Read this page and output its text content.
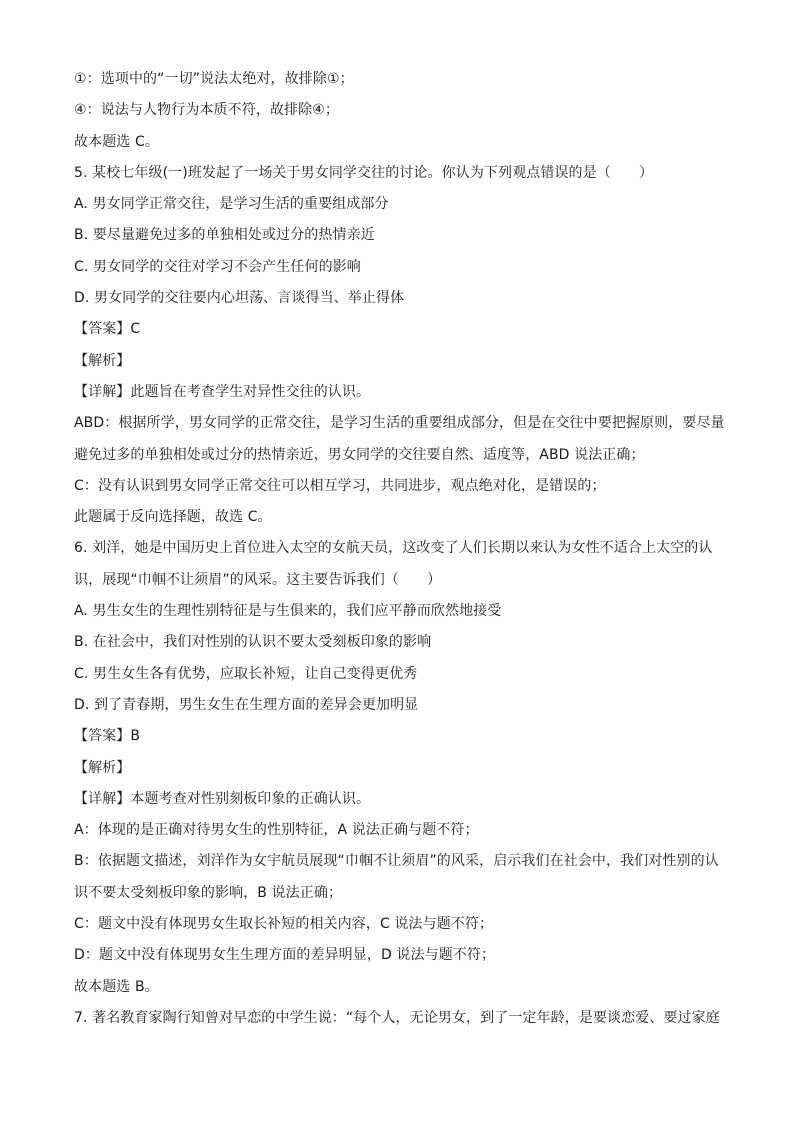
①：选项中的“一切”说法太绝对，故排除①；
④：说法与人物行为本质不符，故排除④；
故本题选 C。
5. 某校七年级(一)班发起了一场关于男女同学交往的讨论。你认为下列观点错误的是（　　）
A. 男女同学正常交往，是学习生活的重要组成部分
B. 要尽量避免过多的单独相处或过分的热情亲近
C. 男女同学的交往对学习不会产生任何的影响
D. 男女同学的交往要内心坦荡、言谈得当、举止得体
【答案】C
【解析】
【详解】此题旨在考查学生对异性交往的认识。
ABD：根据所学，男女同学的正常交往，是学习生活的重要组成部分，但是在交往中要把握原则，要尽量
避免过多的单独相处或过分的热情亲近，男女同学的交往要自然、适度等，ABD 说法正确；
C：没有认识到男女同学正常交往可以相互学习，共同进步，观点绝对化，是错误的；
此题属于反向选择题，故选 C。
6. 刘洋，她是中国历史上首位进入太空的女航天员，这改变了人们长期以来认为女性不适合上太空的认
识，展现“巾帼不让须眉”的风采。这主要告诉我们（　　）
A. 男生女生的生理性别特征是与生俱来的，我们应平静而欣然地接受
B. 在社会中，我们对性别的认识不要太受刻板印象的影响
C. 男生女生各有优势，应取长补短，让自己变得更优秀
D. 到了青春期，男生女生在生理方面的差异会更加明显
【答案】B
【解析】
【详解】本题考查对性别刻板印象的正确认识。
A：体现的是正确对待男女生的性别特征，A 说法正确与题不符；
B：依据题文描述，刘洋作为女宇航员展现“巾帼不让须眉”的风采，启示我们在社会中，我们对性别的认
识不要太受刻板印象的影响，B 说法正确；
C：题文中没有体现男女生取长补短的相关内容，C 说法与题不符；
D：题文中没有体现男女生生理方面的差异明显，D 说法与题不符；
故本题选 B。
7. 著名教育家陶行知曾对早恋的中学生说：“每个人，无论男女，到了一定年龄，是要谈恋爱、要过家庭
